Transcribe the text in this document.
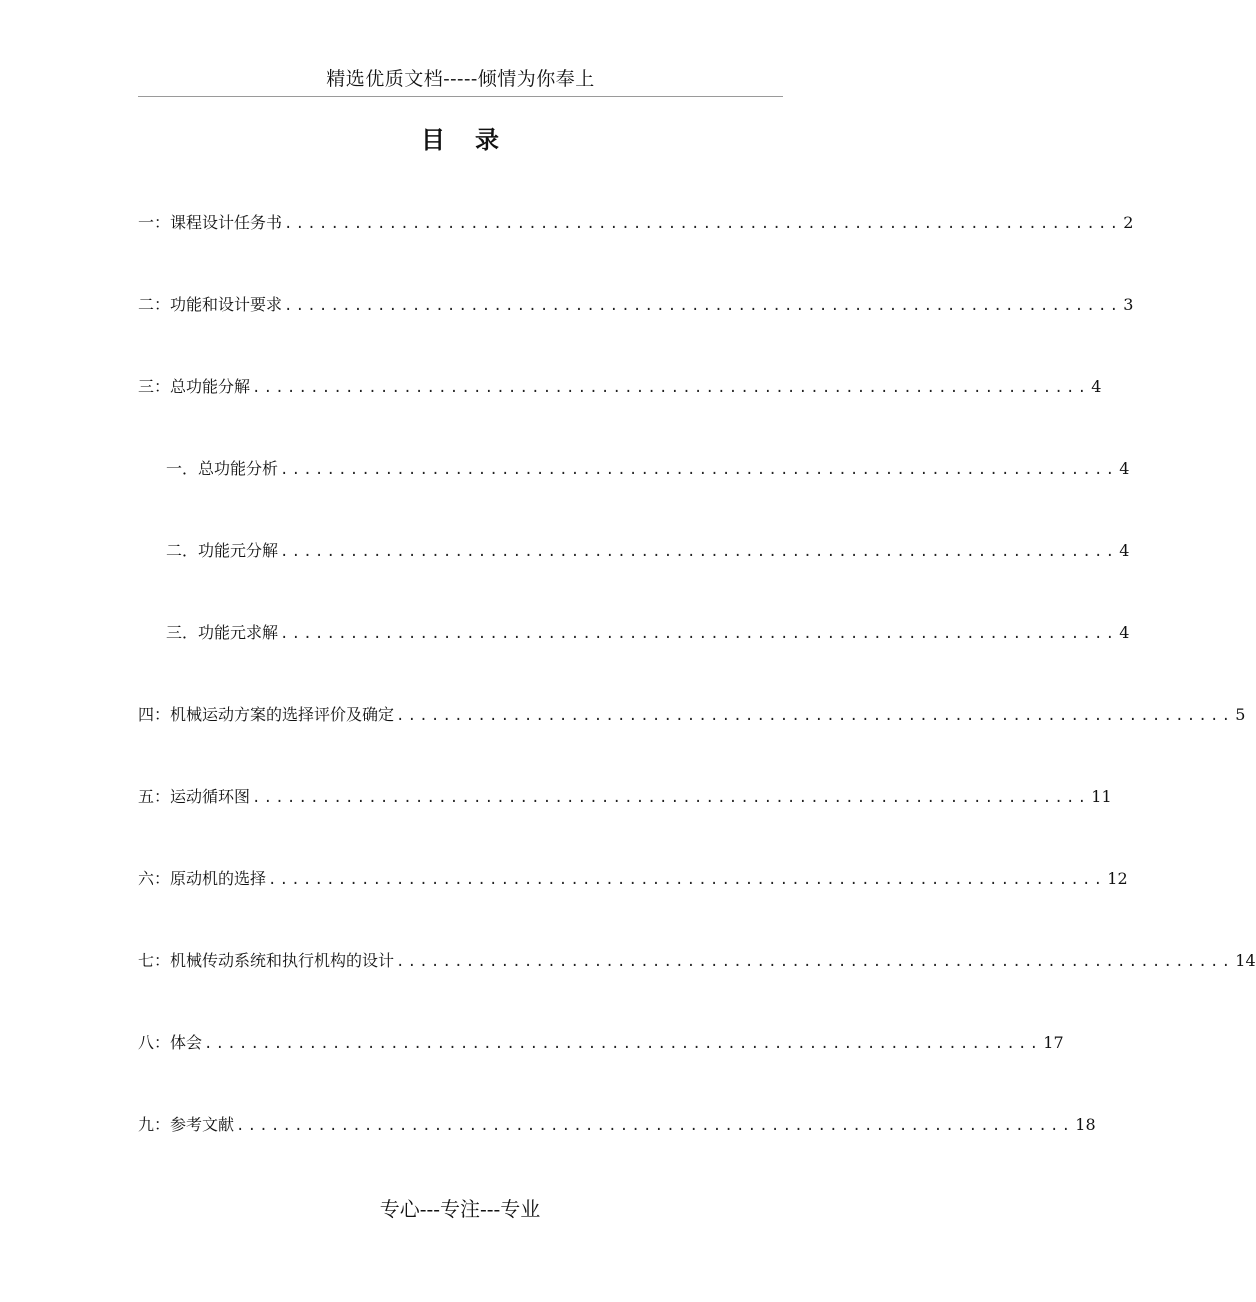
精选优质文档-----倾情为你奉上
目 录
一：课程设计任务书 ........................................................................ 2
二：功能和设计要求 ........................................................................ 3
三：总功能分解 ........................................................................ 4
一．总功能分析 ........................................................................ 4
二．功能元分解 ........................................................................ 4
三．功能元求解 ........................................................................ 4
四：机械运动方案的选择评价及确定 ........................................................................ 5
五：运动循环图 ........................................................................ 11
六：原动机的选择 ........................................................................ 12
七：机械传动系统和执行机构的设计 ........................................................................ 14
八：体会 ........................................................................ 17
九：参考文献 ........................................................................ 18
专心---专注---专业
